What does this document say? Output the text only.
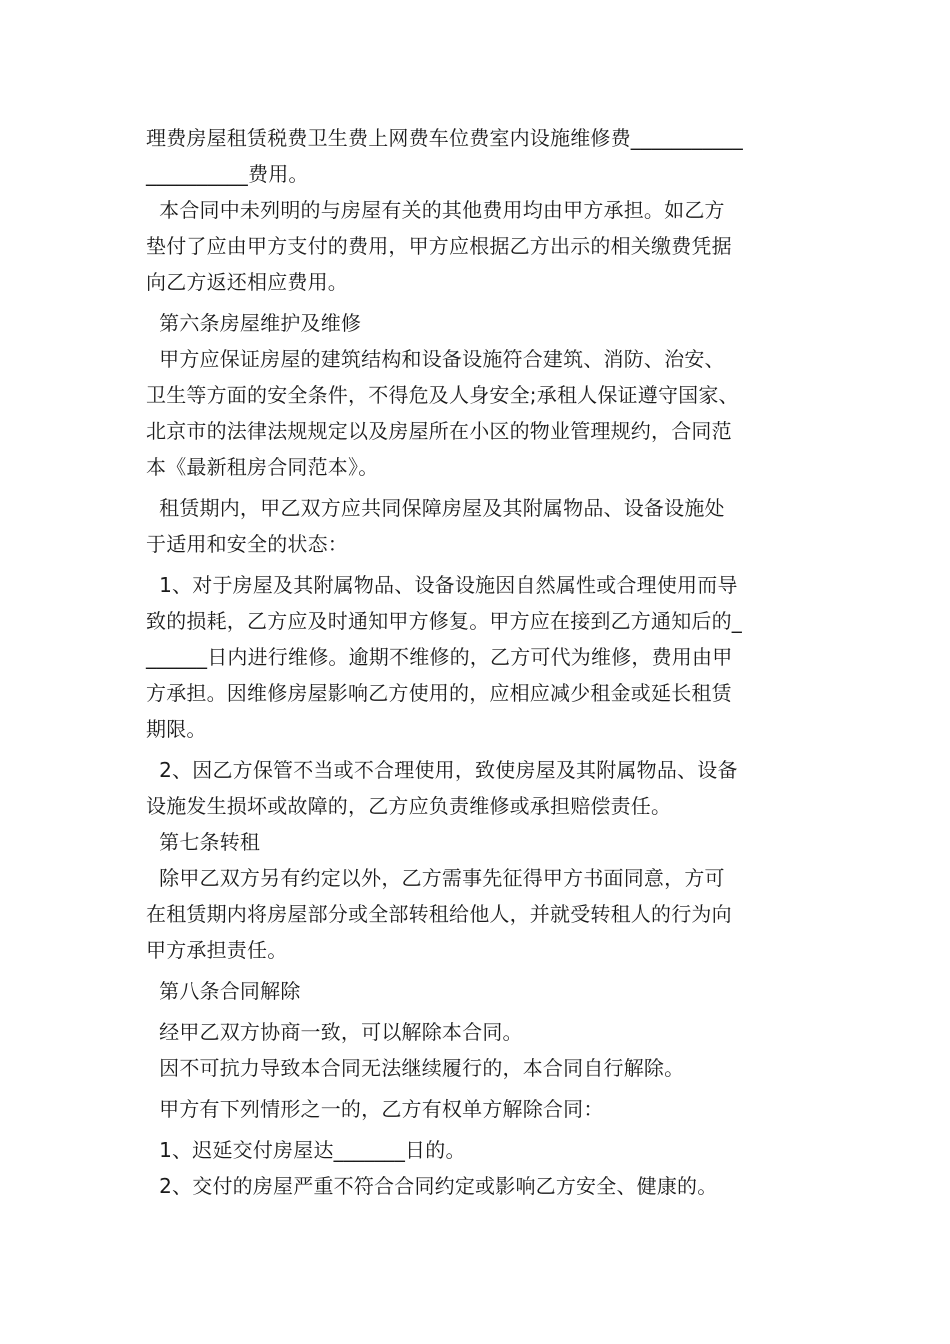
理费房屋租赁税费卫生费上网费车位费室内设施维修费___________
__________费用。
本合同中未列明的与房屋有关的其他费用均由甲方承担。如乙方
垫付了应由甲方支付的费用，甲方应根据乙方出示的相关缴费凭据
向乙方返还相应费用。
第六条房屋维护及维修
甲方应保证房屋的建筑结构和设备设施符合建筑、消防、治安、
卫生等方面的安全条件，不得危及人身安全;承租人保证遵守国家、
北京市的法律法规规定以及房屋所在小区的物业管理规约，合同范
本《最新租房合同范本》。
租赁期内，甲乙双方应共同保障房屋及其附属物品、设备设施处
于适用和安全的状态：
1、对于房屋及其附属物品、设备设施因自然属性或合理使用而导
致的损耗，乙方应及时通知甲方修复。甲方应在接到乙方通知后的_
______日内进行维修。逾期不维修的，乙方可代为维修，费用由甲
方承担。因维修房屋影响乙方使用的，应相应减少租金或延长租赁
期限。
2、因乙方保管不当或不合理使用，致使房屋及其附属物品、设备
设施发生损坏或故障的，乙方应负责维修或承担赔偿责任。
第七条转租
除甲乙双方另有约定以外，乙方需事先征得甲方书面同意，方可
在租赁期内将房屋部分或全部转租给他人，并就受转租人的行为向
甲方承担责任。
第八条合同解除
经甲乙双方协商一致，可以解除本合同。
因不可抗力导致本合同无法继续履行的，本合同自行解除。
甲方有下列情形之一的，乙方有权单方解除合同：
1、迟延交付房屋达_______日的。
2、交付的房屋严重不符合合同约定或影响乙方安全、健康的。
